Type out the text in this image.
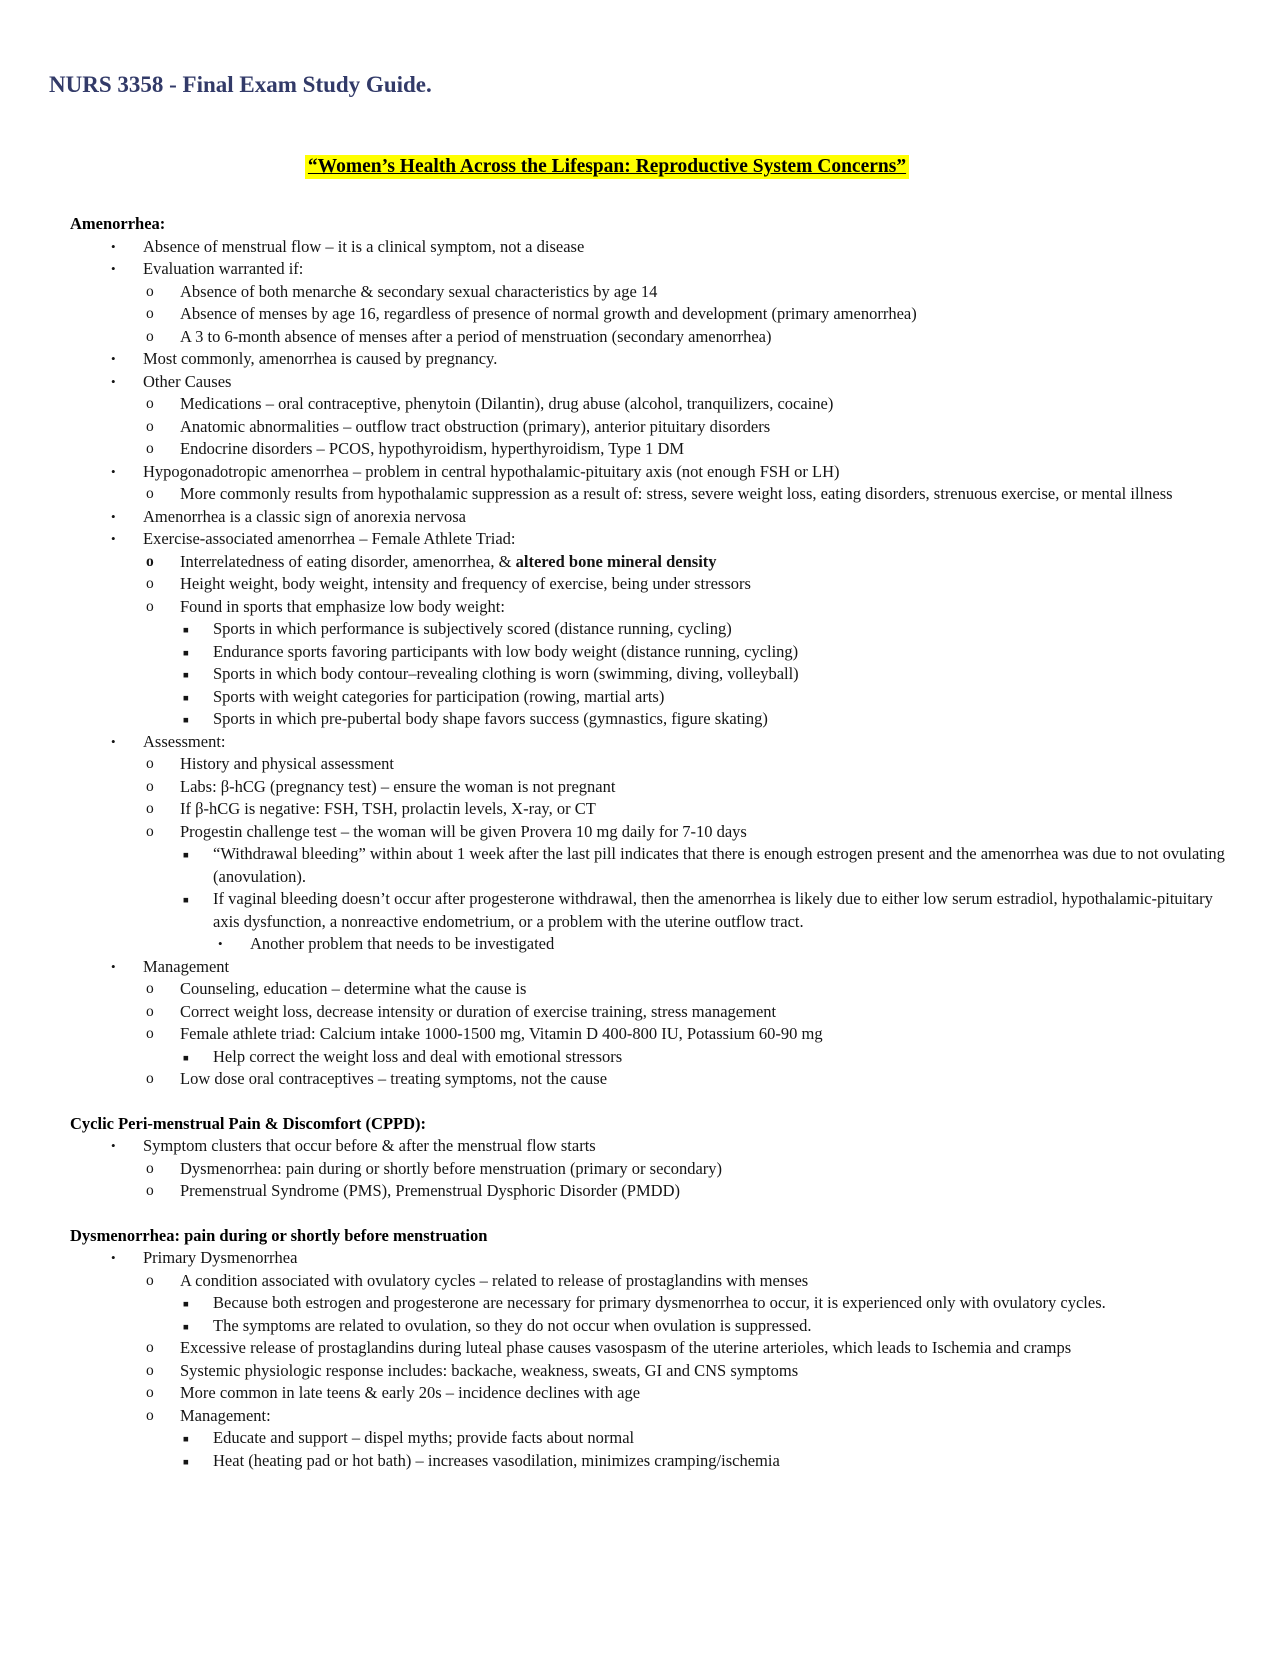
NURS 3358 - Final Exam Study Guide.
“Women’s Health Across the Lifespan: Reproductive System Concerns”
Amenorrhea:
• Absence of menstrual flow – it is a clinical symptom, not a disease
• Evaluation warranted if:
o Absence of both menarche & secondary sexual characteristics by age 14
o Absence of menses by age 16, regardless of presence of normal growth and development (primary amenorrhea)
o A 3 to 6-month absence of menses after a period of menstruation (secondary amenorrhea)
• Most commonly, amenorrhea is caused by pregnancy.
• Other Causes
o Medications – oral contraceptive, phenytoin (Dilantin), drug abuse (alcohol, tranquilizers, cocaine)
o Anatomic abnormalities – outflow tract obstruction (primary), anterior pituitary disorders
o Endocrine disorders – PCOS, hypothyroidism, hyperthyroidism, Type 1 DM
• Hypogonadotropic amenorrhea – problem in central hypothalamic-pituitary axis (not enough FSH or LH)
o More commonly results from hypothalamic suppression as a result of: stress, severe weight loss, eating disorders, strenuous exercise, or mental illness
• Amenorrhea is a classic sign of anorexia nervosa
• Exercise-associated amenorrhea – Female Athlete Triad:
o Interrelatedness of eating disorder, amenorrhea, & altered bone mineral density
o Height weight, body weight, intensity and frequency of exercise, being under stressors
o Found in sports that emphasize low body weight:
■ Sports in which performance is subjectively scored (distance running, cycling)
■ Endurance sports favoring participants with low body weight (distance running, cycling)
■ Sports in which body contour–revealing clothing is worn (swimming, diving, volleyball)
■ Sports with weight categories for participation (rowing, martial arts)
■ Sports in which pre-pubertal body shape favors success (gymnastics, figure skating)
• Assessment:
o History and physical assessment
o Labs: β-hCG (pregnancy test) – ensure the woman is not pregnant
o If β-hCG is negative: FSH, TSH, prolactin levels, X-ray, or CT
o Progestin challenge test – the woman will be given Provera 10 mg daily for 7-10 days
■ “Withdrawal bleeding” within about 1 week after the last pill indicates that there is enough estrogen present and the amenorrhea was due to not ovulating (anovulation).
■ If vaginal bleeding doesn’t occur after progesterone withdrawal, then the amenorrhea is likely due to either low serum estradiol, hypothalamic-pituitary axis dysfunction, a nonreactive endometrium, or a problem with the uterine outflow tract.
• Another problem that needs to be investigated
• Management
o Counseling, education – determine what the cause is
o Correct weight loss, decrease intensity or duration of exercise training, stress management
o Female athlete triad: Calcium intake 1000-1500 mg, Vitamin D 400-800 IU, Potassium 60-90 mg
■ Help correct the weight loss and deal with emotional stressors
o Low dose oral contraceptives – treating symptoms, not the cause
Cyclic Peri-menstrual Pain & Discomfort (CPPD):
• Symptom clusters that occur before & after the menstrual flow starts
o Dysmenorrhea: pain during or shortly before menstruation (primary or secondary)
o Premenstrual Syndrome (PMS), Premenstrual Dysphoric Disorder (PMDD)
Dysmenorrhea: pain during or shortly before menstruation
• Primary Dysmenorrhea
o A condition associated with ovulatory cycles – related to release of prostaglandins with menses
■ Because both estrogen and progesterone are necessary for primary dysmenorrhea to occur, it is experienced only with ovulatory cycles.
■ The symptoms are related to ovulation, so they do not occur when ovulation is suppressed.
o Excessive release of prostaglandins during luteal phase causes vasospasm of the uterine arterioles, which leads to Ischemia and cramps
o Systemic physiologic response includes: backache, weakness, sweats, GI and CNS symptoms
o More common in late teens & early 20s – incidence declines with age
o Management:
■ Educate and support – dispel myths; provide facts about normal
■ Heat (heating pad or hot bath) – increases vasodilation, minimizes cramping/ischemia
